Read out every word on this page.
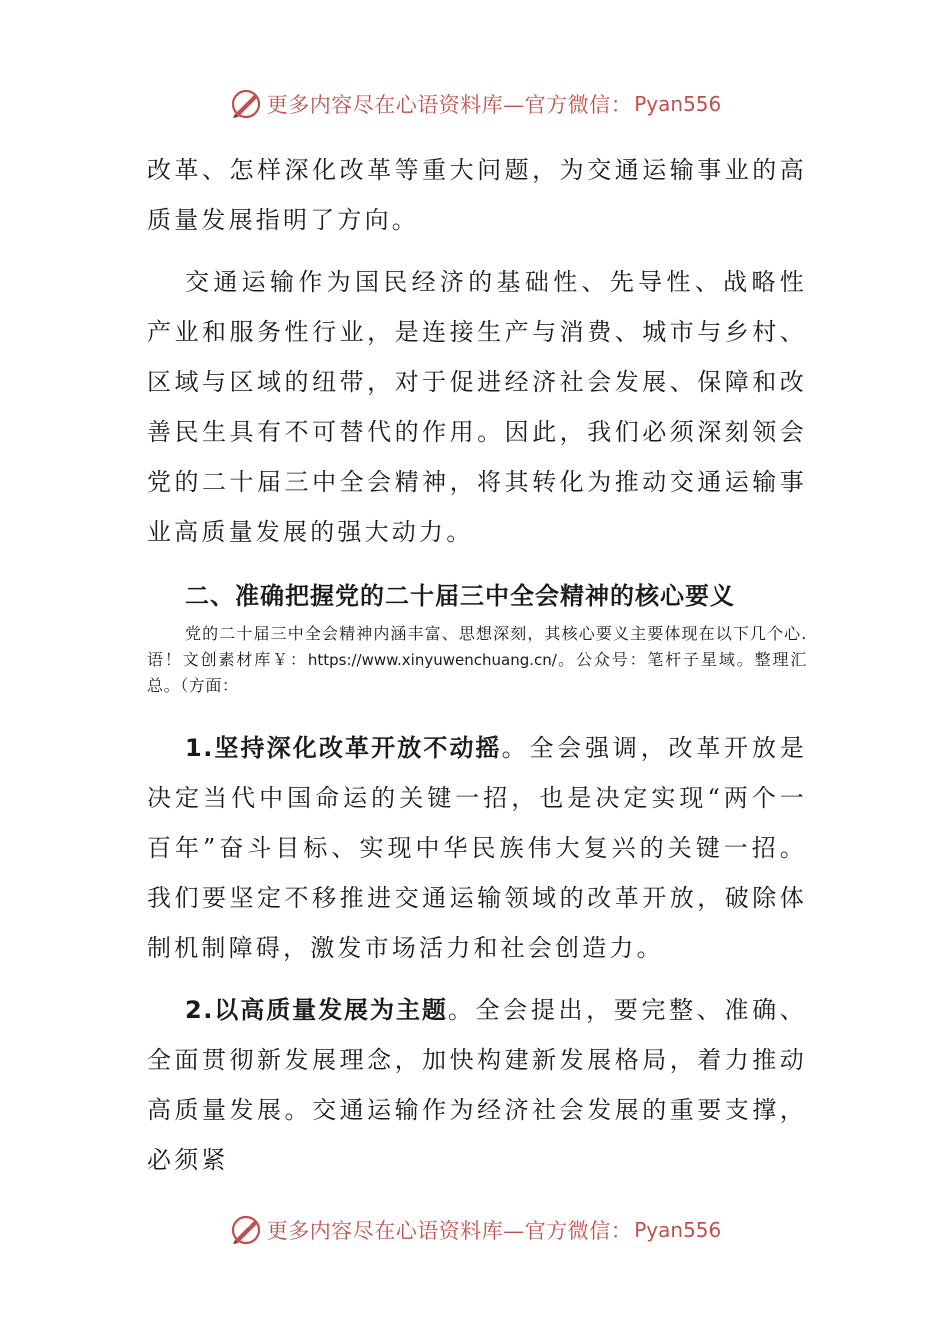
更多内容尽在心语资料库—官方微信： Pyan556

改革、怎样深化改革等重大问题，为交通运输事业的高质量发展指明了方向。

交通运输作为国民经济的基础性、先导性、战略性产业和服务性行业，是连接生产与消费、城市与乡村、区域与区域的纽带，对于促进经济社会发展、保障和改善民生具有不可替代的作用。因此，我们必须深刻领会党的二十届三中全会精神，将其转化为推动交通运输事业高质量发展的强大动力。

二、准确把握党的二十届三中全会精神的核心要义

党的二十届三中全会精神内涵丰富、思想深刻，其核心要义主要体现在以下几个心.语！文创素材库￥：https://www.xinyuwenchuang.cn/。公众号：笔杆子星域。整理汇总。（方面：

1.坚持深化改革开放不动摇。全会强调，改革开放是决定当代中国命运的关键一招，也是决定实现“两个一百年”奋斗目标、实现中华民族伟大复兴的关键一招。我们要坚定不移推进交通运输领域的改革开放，破除体制机制障碍，激发市场活力和社会创造力。

2.以高质量发展为主题。全会提出，要完整、准确、全面贯彻新发展理念，加快构建新发展格局，着力推动高质量发展。交通运输作为经济社会发展的重要支撑，必须紧

更多内容尽在心语资料库—官方微信： Pyan556
